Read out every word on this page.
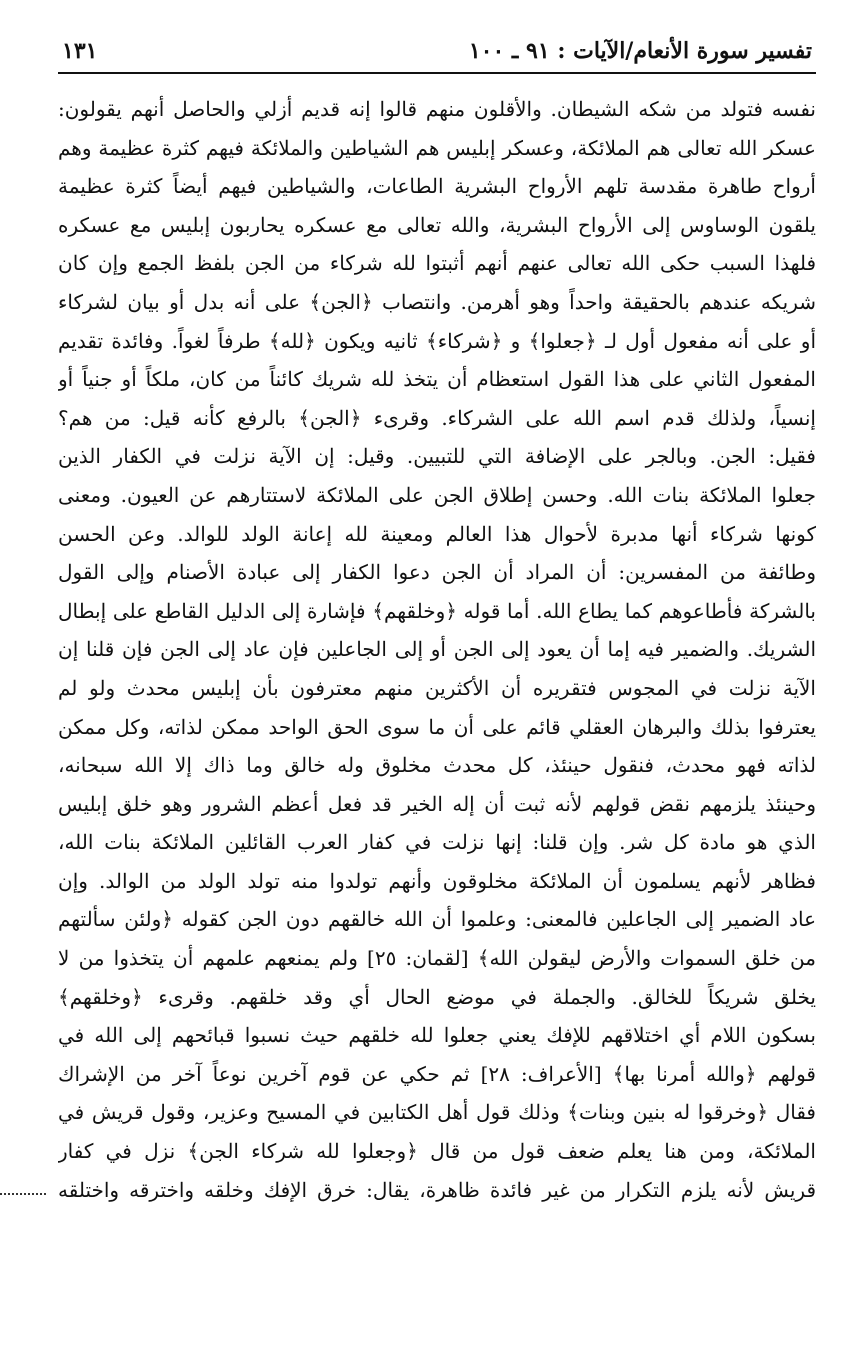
تفسير سورة الأنعام/الآيات : ٩١ ـ ١٠٠
١٣١
نفسه فتولد من شكه الشيطان. والأقلون منهم قالوا إنه قديم أزلي والحاصل أنهم يقولون:
عسكر الله تعالى هم الملائكة، وعسكر إبليس هم الشياطين والملائكة فيهم كثرة عظيمة وهم
أرواح طاهرة مقدسة تلهم الأرواح البشرية الطاعات، والشياطين فيهم أيضاً كثرة عظيمة
يلقون الوساوس إلى الأرواح البشرية، والله تعالى مع عسكره يحاربون إبليس مع عسكره
فلهذا السبب حكى الله تعالى عنهم أنهم أثبتوا لله شركاء من الجن بلفظ الجمع وإن كان
شريكه عندهم بالحقيقة واحداً وهو أهرمن. وانتصاب ﴿الجن﴾ على أنه بدل أو بيان لشركاء
أو على أنه مفعول أول لـ ﴿جعلوا﴾ و ﴿شركاء﴾ ثانيه ويكون ﴿لله﴾ طرفاً لغواً. وفائدة تقديم
المفعول الثاني على هذا القول استعظام أن يتخذ لله شريك كائناً من كان، ملكاً أو جنياً أو
إنسياً، ولذلك قدم اسم الله على الشركاء. وقرىء ﴿الجن﴾ بالرفع كأنه قيل: من هم؟
فقيل: الجن. وبالجر على الإضافة التي للتبيين. وقيل: إن الآية نزلت في الكفار الذين
جعلوا الملائكة بنات الله. وحسن إطلاق الجن على الملائكة لاستتارهم عن العيون. ومعنى
كونها شركاء أنها مدبرة لأحوال هذا العالم ومعينة لله إعانة الولد للوالد. وعن الحسن
وطائفة من المفسرين: أن المراد أن الجن دعوا الكفار إلى عبادة الأصنام وإلى القول
بالشركة فأطاعوهم كما يطاع الله. أما قوله ﴿وخلقهم﴾ فإشارة إلى الدليل القاطع على إبطال
الشريك. والضمير فيه إما أن يعود إلى الجن أو إلى الجاعلين فإن عاد إلى الجن فإن قلنا إن
الآية نزلت في المجوس فتقريره أن الأكثرين منهم معترفون بأن إبليس محدث ولو لم
يعترفوا بذلك والبرهان العقلي قائم على أن ما سوى الحق الواحد ممكن لذاته، وكل ممكن
لذاته فهو محدث، فنقول حينئذ، كل محدث مخلوق وله خالق وما ذاك إلا الله سبحانه،
وحينئذ يلزمهم نقض قولهم لأنه ثبت أن إله الخير قد فعل أعظم الشرور وهو خلق إبليس
الذي هو مادة كل شر. وإن قلنا: إنها نزلت في كفار العرب القائلين الملائكة بنات الله،
فظاهر لأنهم يسلمون أن الملائكة مخلوقون وأنهم تولدوا منه تولد الولد من الوالد. وإن
عاد الضمير إلى الجاعلين فالمعنى: وعلموا أن الله خالقهم دون الجن كقوله ﴿ولئن سألتهم
من خلق السموات والأرض ليقولن الله﴾ [لقمان: ٢٥] ولم يمنعهم علمهم أن يتخذوا من لا
يخلق شريكاً للخالق. والجملة في موضع الحال أي وقد خلقهم. وقرىء ﴿وخلقهم﴾
بسكون اللام أي اختلاقهم للإفك يعني جعلوا لله خلقهم حيث نسبوا قبائحهم إلى الله في
قولهم ﴿والله أمرنا بها﴾ [الأعراف: ٢٨] ثم حكي عن قوم آخرين نوعاً آخر من الإشراك
فقال ﴿وخرقوا له بنين وبنات﴾ وذلك قول أهل الكتابين في المسيح وعزير، وقول قريش في
الملائكة، ومن هنا يعلم ضعف قول من قال ﴿وجعلوا لله شركاء الجن﴾ نزل في كفار
قريش لأنه يلزم التكرار من غير فائدة ظاهرة، يقال: خرق الإفك وخلقه واخترقه واختلقه
